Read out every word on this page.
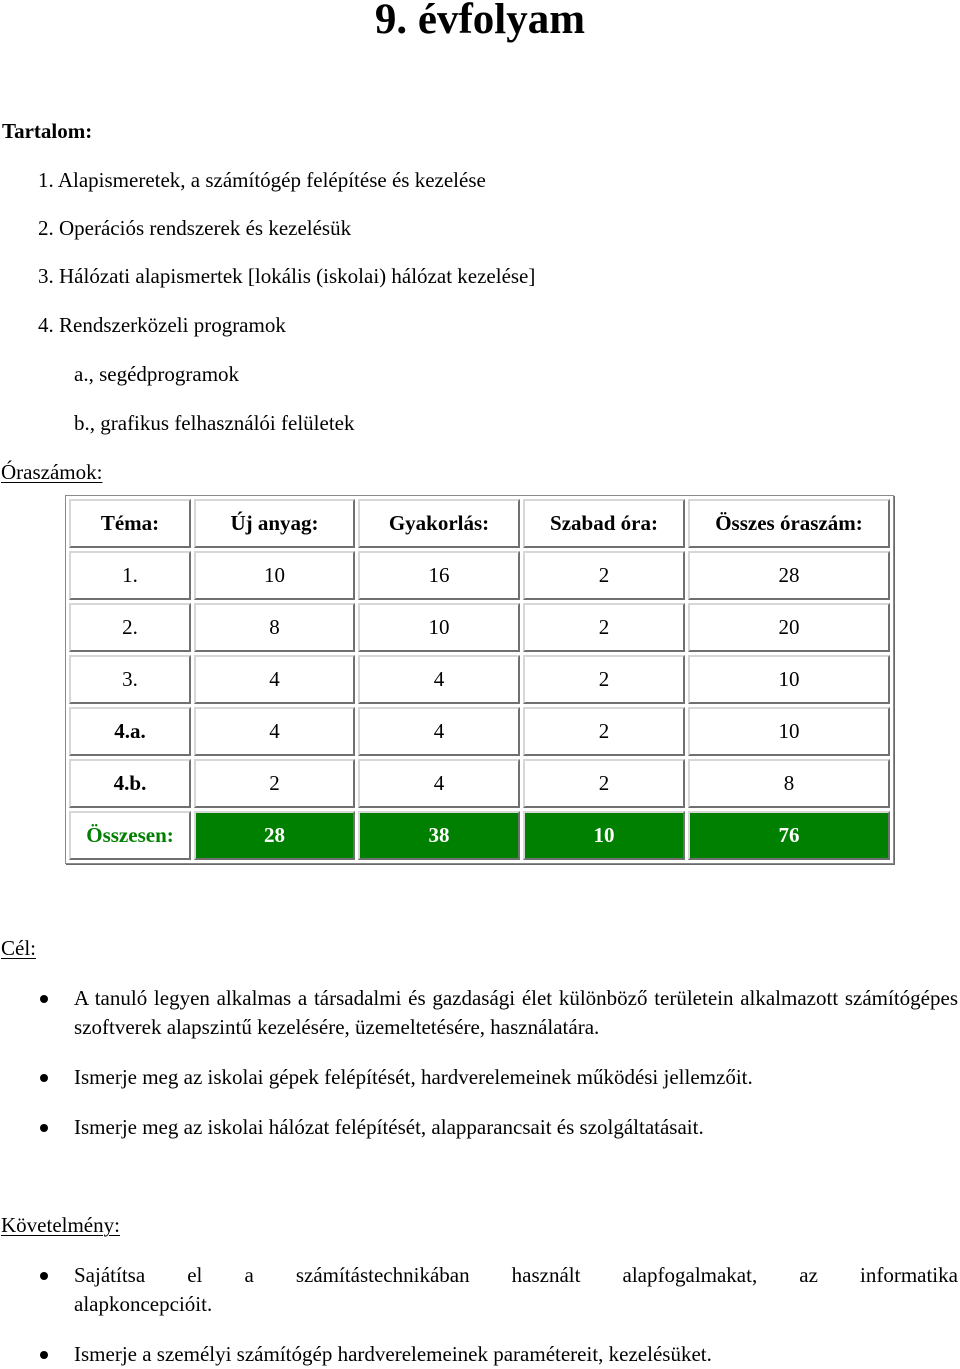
9. évfolyam
Tartalom:
1. Alapismeretek, a számítógép felépítése és kezelése
2. Operációs rendszerek és kezelésük
3. Hálózati alapismertek [lokális (iskolai) hálózat kezelése]
4. Rendszerközeli programok
a., segédprogramok
b., grafikus felhasználói felületek
Óraszámok:
Téma:	Új anyag:	Gyakorlás:	Szabad óra:	Összes óraszám:
1.	10	16	2	28
2.	8	10	2	20
3.	4	4	2	10
4.a.	4	4	2	10
4.b.	2	4	2	8
Összesen:	28	38	10	76
Cél:
A tanuló legyen alkalmas a társadalmi és gazdasági élet különböző területein alkalmazott számítógépes szoftverek alapszintű kezelésére, üzemeltetésére, használatára.
Ismerje meg az iskolai gépek felépítését, hardverelemeinek működési jellemzőit.
Ismerje meg az iskolai hálózat felépítését, alapparancsait és szolgáltatásait.
Követelmény:
Sajátítsa el a számítástechnikában használt alapfogalmakat, az informatika
alapkoncepcióit.
Ismerje a személyi számítógép hardverelemeinek paramétereit, kezelésüket.
